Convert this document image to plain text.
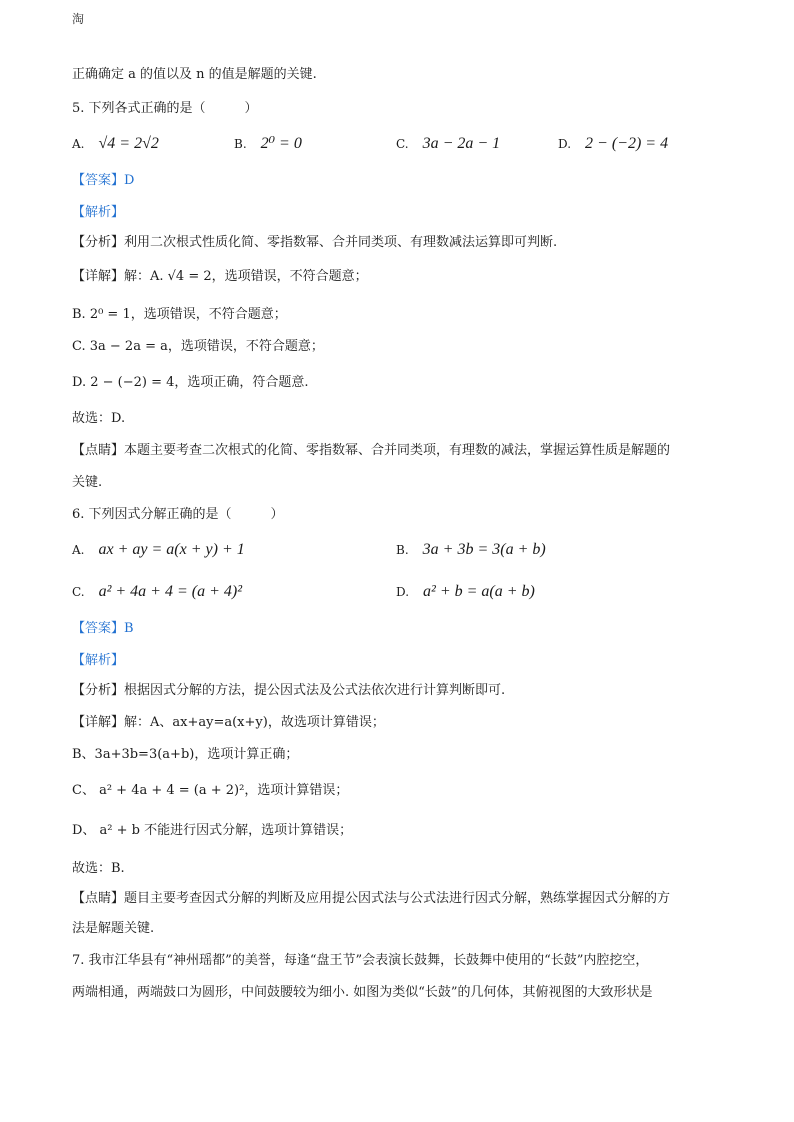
淘
正确确定 a 的值以及 n 的值是解题的关键.
5. 下列各式正确的是（　　　）
A. √4 = 2√2	B. 2⁰ = 0	C. 3a − 2a − 1	D. 2 − (−2) = 4
【答案】D
【解析】
【分析】利用二次根式性质化简、零指数幂、合并同类项、有理数减法运算即可判断.
【详解】解：A. √4 = 2，选项错误，不符合题意；
B. 2⁰ = 1，选项错误，不符合题意；
C. 3a − 2a = a，选项错误，不符合题意；
D. 2 − (−2) = 4，选项正确，符合题意.
故选：D.
【点睛】本题主要考查二次根式的化简、零指数幂、合并同类项，有理数的减法，掌握运算性质是解题的
关键.
6. 下列因式分解正确的是（　　　）
A. ax + ay = a(x + y) + 1	B. 3a + 3b = 3(a + b)
C. a² + 4a + 4 = (a + 4)²	D. a² + b = a(a + b)
【答案】B
【解析】
【分析】根据因式分解的方法，提公因式法及公式法依次进行计算判断即可.
【详解】解：A、ax+ay=a(x+y)，故选项计算错误；
B、3a+3b=3(a+b)，选项计算正确；
C、 a² + 4a + 4 = (a + 2)²，选项计算错误；
D、 a² + b 不能进行因式分解，选项计算错误；
故选：B.
【点睛】题目主要考查因式分解的判断及应用提公因式法与公式法进行因式分解，熟练掌握因式分解的方
法是解题关键.
7. 我市江华县有“神州瑶都”的美誉，每逢“盘王节”会表演长鼓舞，长鼓舞中使用的“长鼓”内腔挖空，
两端相通，两端鼓口为圆形，中间鼓腰较为细小. 如图为类似“长鼓”的几何体，其俯视图的大致形状是
